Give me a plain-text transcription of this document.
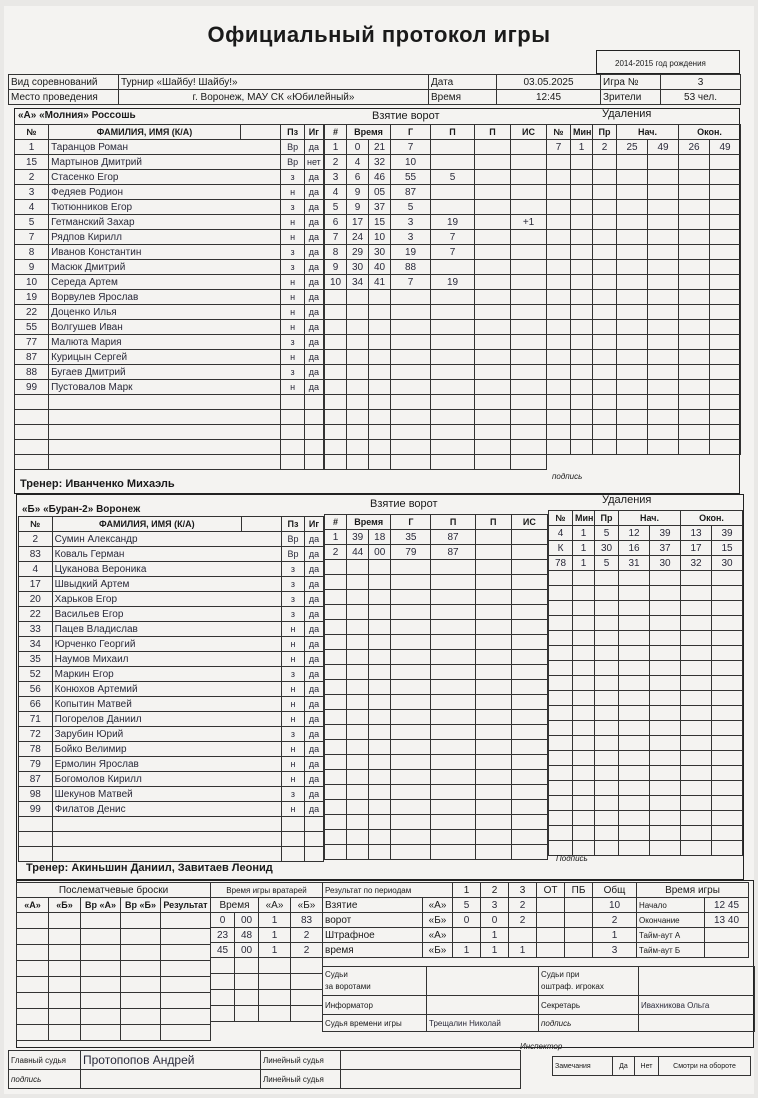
Официальный протокол игры
2014-2015 год рождения
Вид соревнований	Турнир «Шайбу! Шайбу!»	Дата	03.05.2025	Игра №	3
Место проведения	г. Воронеж, МАУ СК «Юбилейный»	Время	12:45	Зрители	53 чел.
«А» «Молния» Россошь	Взятие ворот	Удаления
№	ФАМИЛИЯ, ИМЯ (К/А)		Пз	Иг
1	Таранцов Роман		Вр	да
15	Мартынов Дмитрий		Вр	нет
2	Стасенко Егор		з	да
3	Федяев Родион		н	да
4	Тютюнников Егор		з	да
5	Гетманский Захар		н	да
7	Рядпов Кирилл		н	да
8	Иванов Константин		з	да
9	Масюк Дмитрий		з	да
10	Середа Артем		н	да
19	Ворвулев Ярослав		н	да
22	Доценко Илья		н	да
55	Волгушев Иван		н	да
77	Малюта Мария		з	да
87	Курицын Сергей		н	да
88	Бугаев Дмитрий		з	да
99	Пустовалов Марк		н	да

#	Время		Г	П	П	ИС
1	0	21	7			
2	4	32	10			
3	6	46	55	5		
4	9	05	87			
5	9	37	5			
6	17	15	3	19		+1
7	24	10	3	7		
8	29	30	19	7		
9	30	40	88			
10	34	41	7	19		

№	Мин	Пр	Нач.		Окон.	
7	1	2	25	49	26	49

Тренер: Иванченко Михаэль
подпись
«Б» «Буран-2» Воронеж	Взятие ворот	Удаления
№	ФАМИЛИЯ, ИМЯ (К/А)		Пз	Иг
2	Сумин Александр		Вр	да
83	Коваль Герман		Вр	да
4	Цуканова Вероника		з	да
17	Швыдкий Артем		з	да
20	Харьков Егор		з	да
22	Васильев Егор		з	да
33	Пацев Владислав		н	да
34	Юрченко Георгий		н	да
35	Наумов Михаил		н	да
52	Маркин Егор		з	да
56	Конюхов Артемий		н	да
66	Копытин Матвей		н	да
71	Погорелов Даниил		н	да
72	Зарубин Юрий		з	да
78	Бойко Велимир		н	да
79	Ермолин Ярослав		н	да
87	Богомолов Кирилл		н	да
98	Шекунов Матвей		з	да
99	Филатов Денис		н	да

#	Время		Г	П	П	ИС
1	39	18	35	87		
2	44	00	79	87		

№	Мин	Пр	Нач.		Окон.	
4	1	5	12	39	13	39
К	1	30	16	37	17	15
78	1	5	31	30	32	30

Тренер: Акиньшин Даниил, Завитаев Леонид
Подпись
Послематчевые броски				
«А»	«Б»	Вр «А»	Вр «Б»	Результат

Время игры вратарей			
Время		«А»	«Б»
0	00	1	83
23	48	1	2
45	00	1	2

Результат по периодам		1	2	3	ОТ	ПБ	Общ
Взятие	«А»	5	3	2			10
ворот	«Б»	0	0	2			2
Штрафное	«А»		1				1
время	«Б»	1	1	1			3
Время игры	
Начало	12 45
Окончание	13 40
Тайм-аут А	
Тайм-аут Б	
Судьи
за воротами		Судьи при
оштраф. игроках	
Информатор		Секретарь	Ивахникова Ольга
Судья времени игры	Трещалин Николай	подпись	
Инспектор
Главный судья	Протопопов Андрей	Линейный судья	
подпись		Линейный судья	
Замечания	Да	Нет	Смотри на обороте
